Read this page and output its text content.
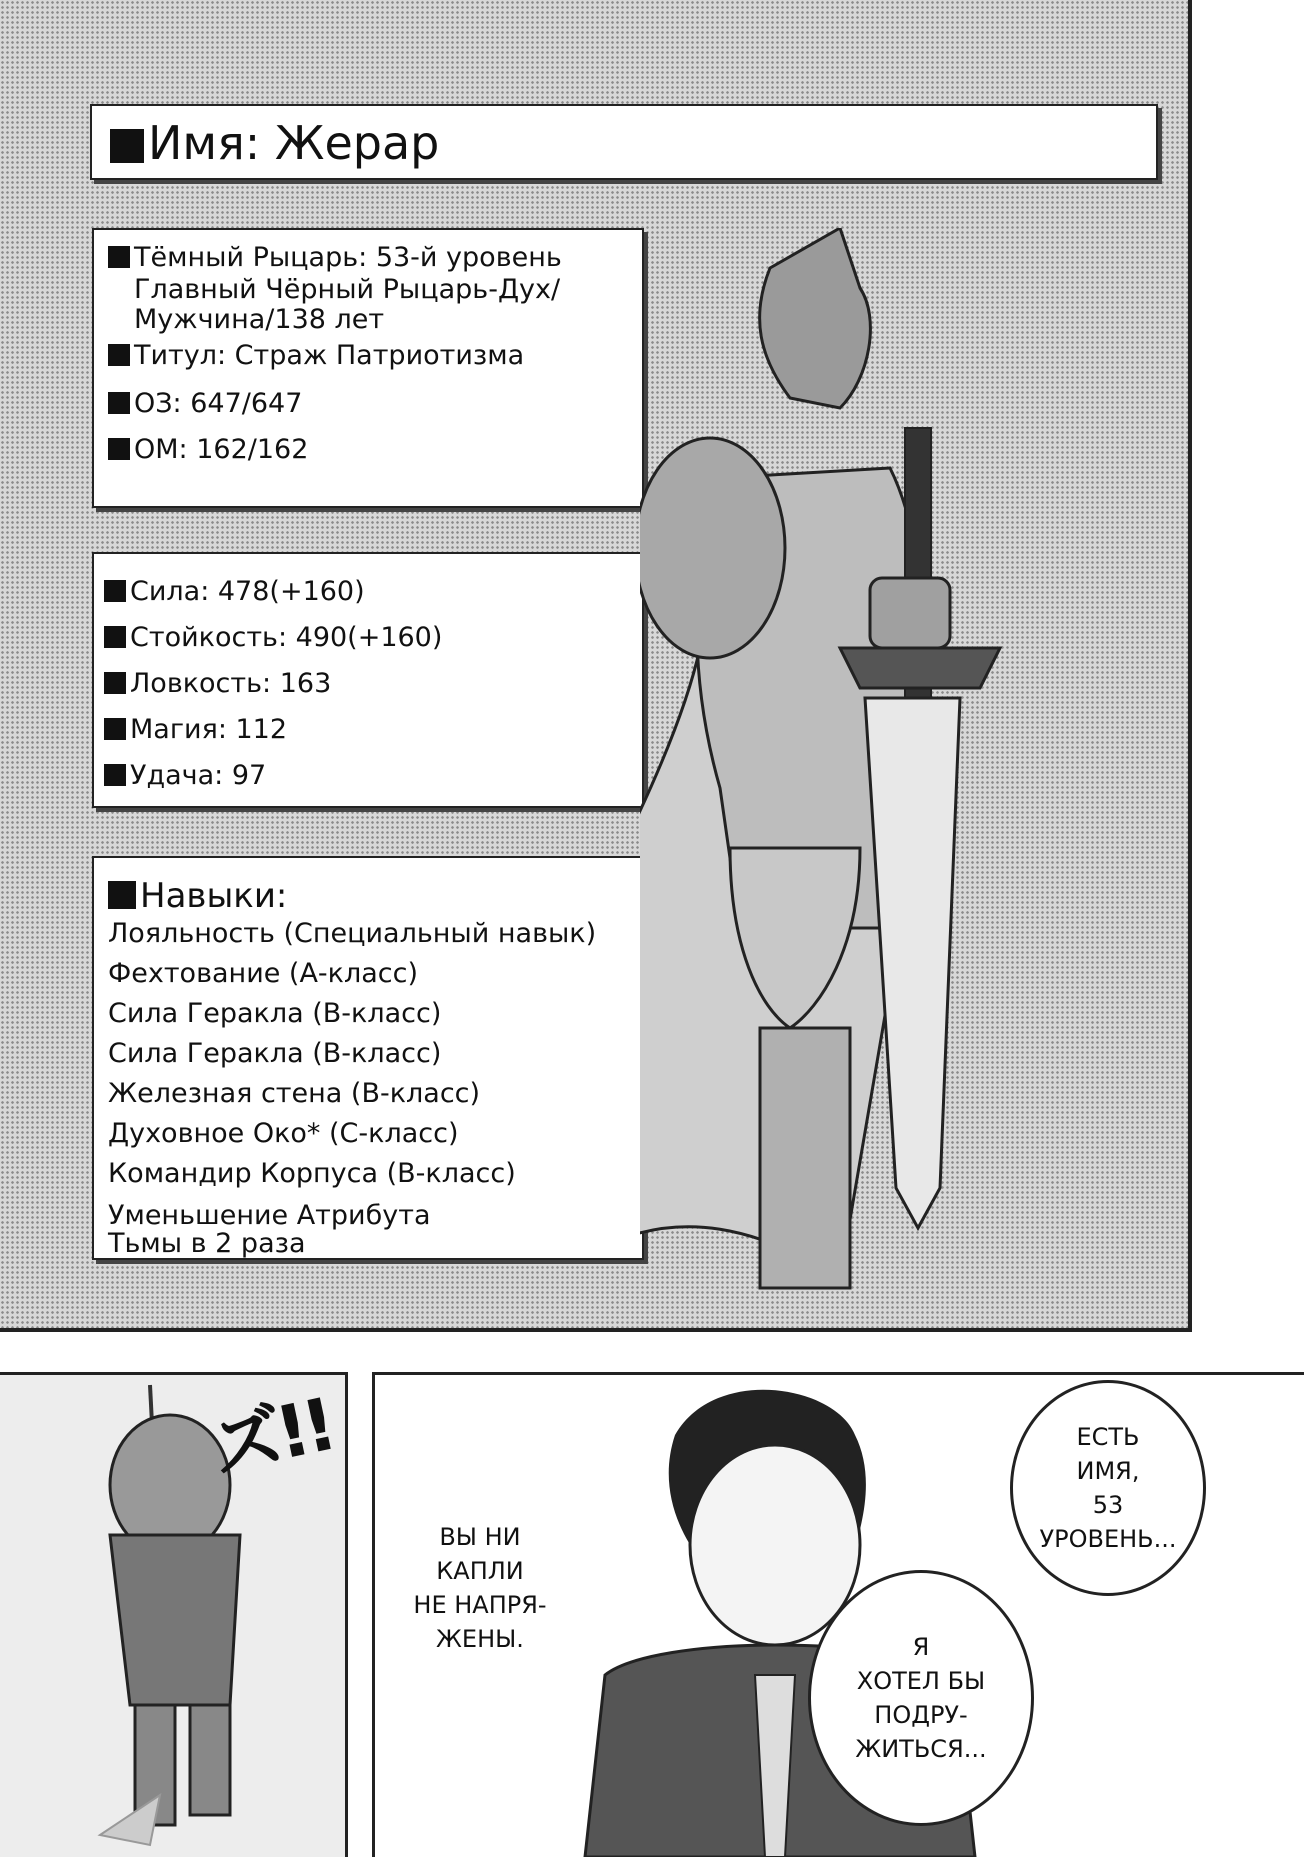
Имя: Жерар
Тёмный Рыцарь: 53-й уровень
Главный Чёрный Рыцарь-Дух/
Мужчина/138 лет
Титул: Страж Патриотизма
ОЗ: 647/647
ОМ: 162/162
Сила: 478(+160)
Стойкость: 490(+160)
Ловкость: 163
Магия: 112
Удача: 97
Навыки:
Лояльность (Специальный навык)
Фехтование (А-класс)
Сила Геракла (В-класс)
Сила Геракла (В-класс)
Железная стена (В-класс)
Духовное Око* (С-класс)
Командир Корпуса (В-класс)
Уменьшение Атрибута
Тьмы в 2 раза
ズ!!
ВЫ НИ
КАПЛИ
НЕ НАПРЯ-
ЖЕНЫ.
ЕСТЬ
ИМЯ,
53
УРОВЕНЬ...
Я
ХОТЕЛ БЫ
ПОДРУ-
ЖИТЬСЯ...
